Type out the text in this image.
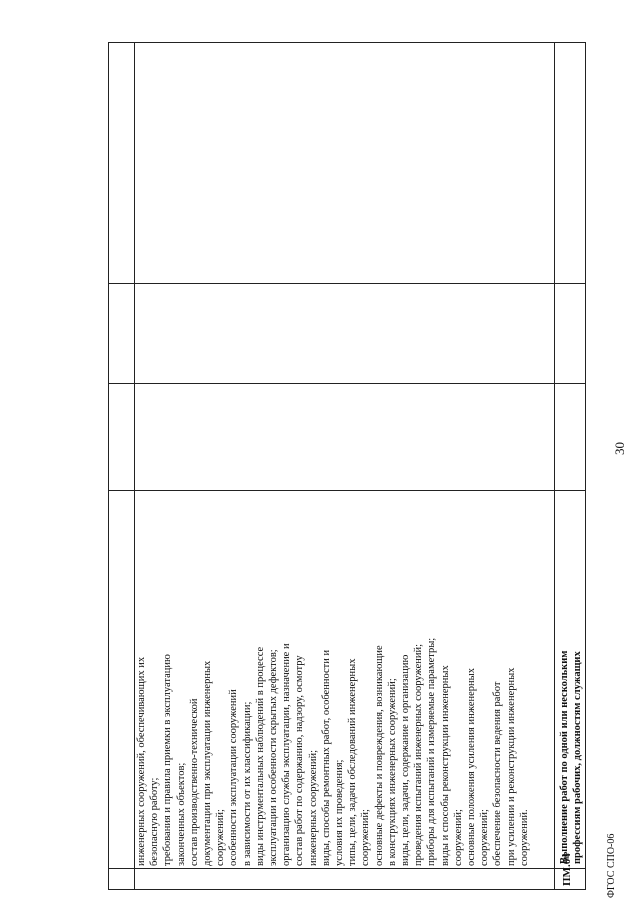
30
инженерных сооружений, обеспечивающих их безопасную работу; требования и правила приемки в эксплуатацию законченных объектов; состав производственно-технической документации при эксплуатации инженерных сооружений; особенности эксплуатации сооружений в зависимости от их классификации; виды инструментальных наблюдений в процессе эксплуатации и особенности скрытых дефектов; организацию службы эксплуатации, назначение и состав работ по содержанию, надзору, осмотру инженерных сооружений; виды, способы ремонтных работ, особенности и условия их проведения; типы, цели, задачи обследований инженерных сооружений; основные дефекты и повреждения, возникающие в конструкциях инженерных сооружений; виды, цели, задачи, содержание и организацию проведения испытаний инженерных сооружений; приборы для испытаний и измеряемые параметры; виды и способы реконструкции инженерных сооружений; основные положения усиления инженерных сооружений; обеспечение безопасности ведения работ при усилении и реконструкции инженерных сооружений.
ПМ.04
Выполнение работ по одной или нескольким профессиям рабочих, должностям служащих
ФГОС СПО-06
